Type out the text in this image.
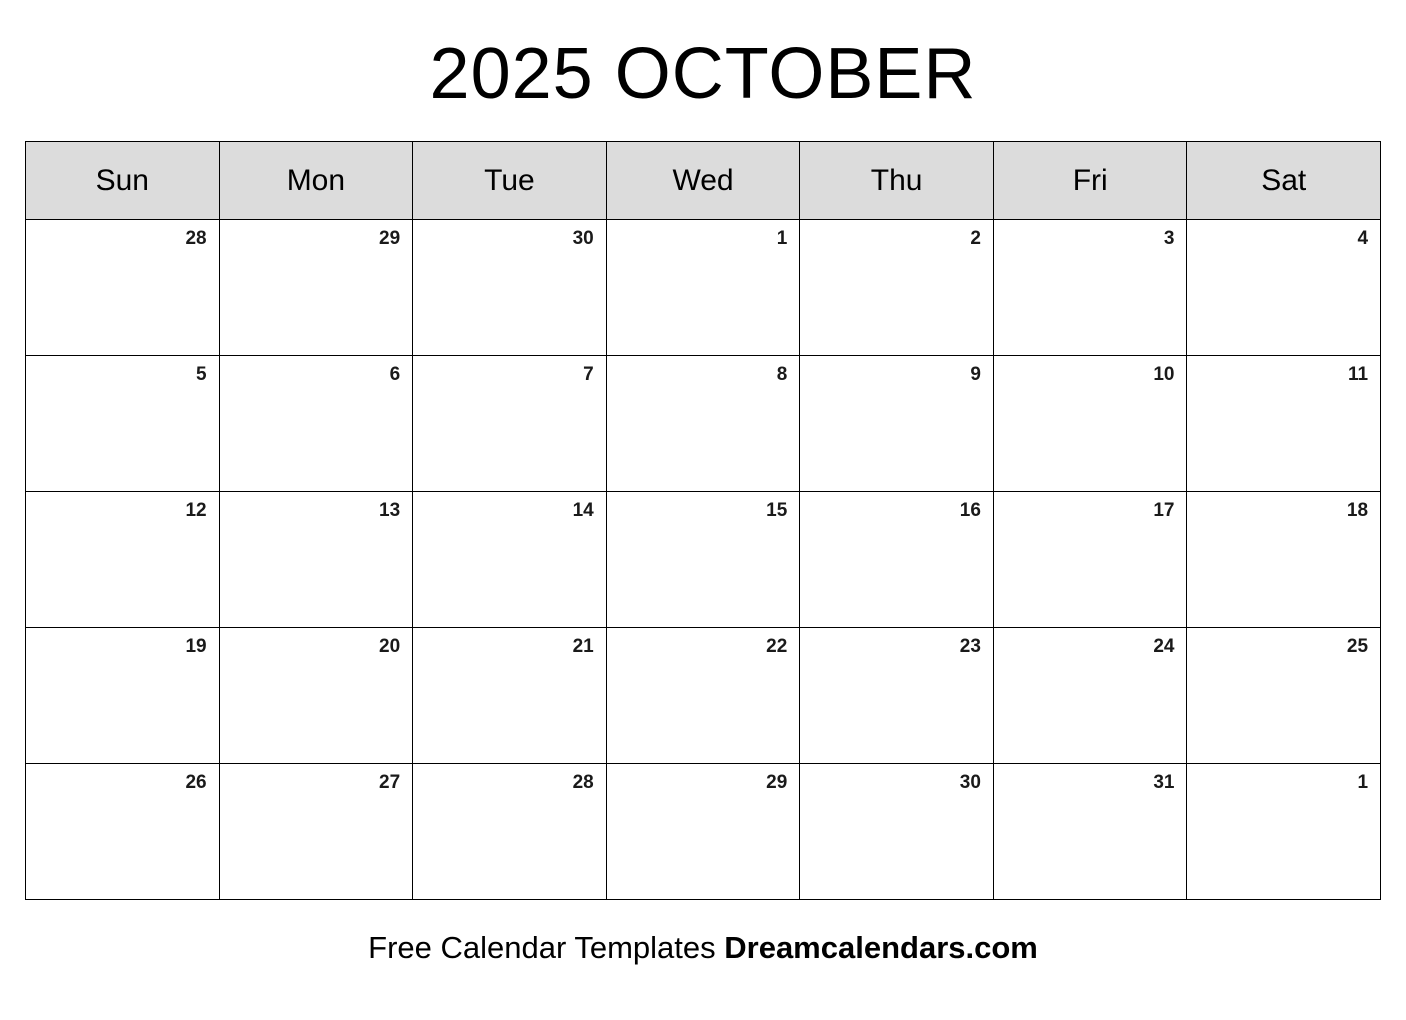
2025 OCTOBER
Sun	Mon	Tue	Wed	Thu	Fri	Sat
28	29	30	1	2	3	4
5	6	7	8	9	10	11
12	13	14	15	16	17	18
19	20	21	22	23	24	25
26	27	28	29	30	31	1
Free Calendar Templates Dreamcalendars.com
